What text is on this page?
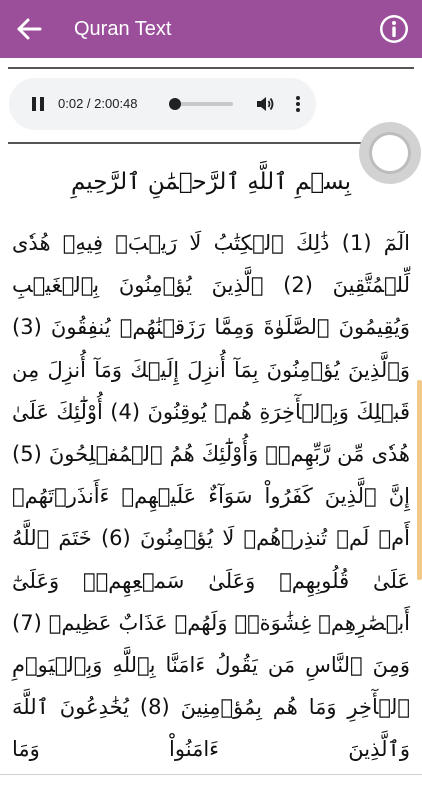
Quran Text
0:02 / 2:00:48
بِسۡمِ ٱللَّهِ ٱلرَّحۡمَٰنِ ٱلرَّحِيمِ
الٓمٓ (1) ذَٰلِكَ ٱلۡكِتَٰبُ لَا رَيۡبَۛ فِيهِۛ هُدٗى لِّلۡمُتَّقِينَ (2) ٱلَّذِينَ يُؤۡمِنُونَ بِٱلۡغَيۡبِ وَيُقِيمُونَ ٱلصَّلَوٰةَ وَمِمَّا رَزَقۡنَٰهُمۡ يُنفِقُونَ (3) وَٱلَّذِينَ يُؤۡمِنُونَ بِمَآ أُنزِلَ إِلَيۡكَ وَمَآ أُنزِلَ مِن قَبۡلِكَ وَبِٱلۡأٓخِرَةِ هُمۡ يُوقِنُونَ (4) أُوْلَٰٓئِكَ عَلَىٰ هُدٗى مِّن رَّبِّهِمۡۖ وَأُوْلَٰٓئِكَ هُمُ ٱلۡمُفۡلِحُونَ (5) إِنَّ ٱلَّذِينَ كَفَرُواْ سَوَآءٌ عَلَيۡهِمۡ ءَأَنذَرۡتَهُمۡ أَمۡ لَمۡ تُنذِرۡهُمۡ لَا يُؤۡمِنُونَ (6) خَتَمَ ٱللَّهُ عَلَىٰ قُلُوبِهِمۡ وَعَلَىٰ سَمۡعِهِمۡۖ وَعَلَىٰٓ أَبۡصَٰرِهِمۡ غِشَٰوَةٞۖ وَلَهُمۡ عَذَابٌ عَظِيمٞ (7) وَمِنَ ٱلنَّاسِ مَن يَقُولُ ءَامَنَّا بِٱللَّهِ وَبِٱلۡيَوۡمِ ٱلۡأٓخِرِ وَمَا هُم بِمُؤۡمِنِينَ (8) يُخَٰدِعُونَ ٱللَّهَ وَٱلَّذِينَ ءَامَنُواْ وَمَا
